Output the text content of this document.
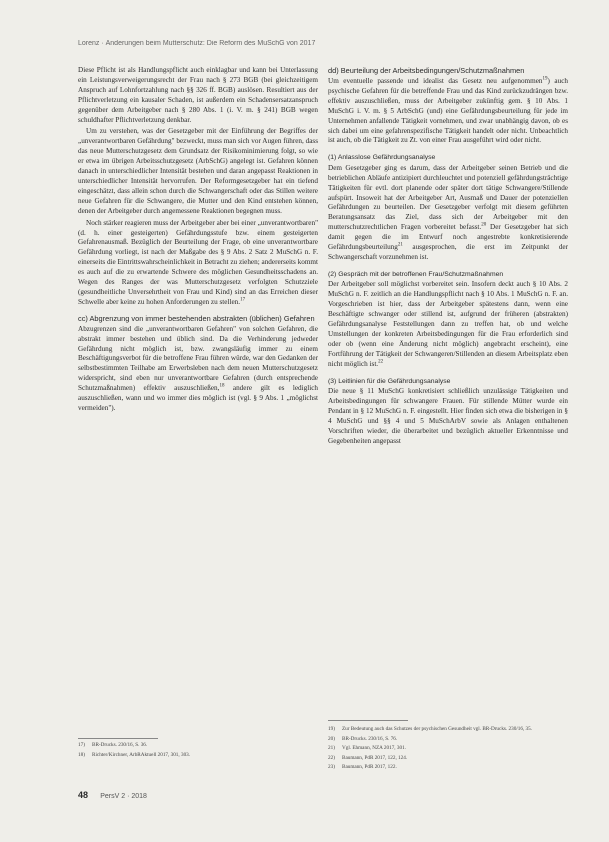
Lorenz · Änderungen beim Mutterschutz: Die Reform des MuSchG von 2017

Diese Pflicht ist als Handlungspflicht auch einklagbar und kann bei Unterlassung ein Leistungsverweigerungsrecht der Frau nach § 273 BGB (bei gleichzeitigem Anspruch auf Lohnfortzahlung nach §§ 326 ff. BGB) auslösen. Resultiert aus der Pflichtverletzung ein kausaler Schaden, ist außerdem ein Schadensersatzanspruch gegenüber dem Arbeitgeber nach § 280 Abs. 1 (i. V. m. § 241) BGB wegen schuldhafter Pflichtverletzung denkbar.

Um zu verstehen, was der Gesetzgeber mit der Einführung der Begriffes der „unverantwortbaren Gefährdung" bezweckt, muss man sich vor Augen führen, dass das neue Mutterschutzgesetz dem Grundsatz der Risikominimierung folgt, so wie er etwa im übrigen Arbeitsschutzgesetz (ArbSchG) angelegt ist. Gefahren können danach in unterschiedlicher Intensität bestehen und daran angepasst Reaktionen in unterschiedlicher Intensität hervorrufen. Der Reformgesetzgeber hat ein tiefend eingeschätzt, dass allein schon durch die Schwangerschaft oder das Stillen weitere neue Gefahren für die Schwangere, die Mutter und den Kind entstehen können, denen der Arbeitgeber durch angemessene Reaktionen begegnen muss.

Noch stärker reagieren muss der Arbeitgeber aber bei einer „unverantwortbaren" (d. h. einer gesteigerten) Gefährdungsstufe bzw. einem gesteigerten Gefahrenausmaß. Bezüglich der Beurteilung der Frage, ob eine unverantwortbare Gefährdung vorliegt, ist nach der Maßgabe des § 9 Abs. 2 Satz 2 MuSchG n. F. einerseits die Eintrittswahrscheinlichkeit in Betracht zu ziehen; andererseits kommt es auch auf die zu erwartende Schwere des möglichen Gesundheitsschadens an. Wegen des Ranges der was Mutterschutzgesetz verfolgten Schutzziele (gesundheitliche Unversehrtheit von Frau und Kind) sind an das Erreichen dieser Schwelle aber keine zu hohen Anforderungen zu stellen.$^{17}$

cc) Abgrenzung von immer bestehenden abstrakten (üblichen) Gefahren

Abzugrenzen sind die „unverantwortbaren Gefahren" von solchen Gefahren, die abstrakt immer bestehen und üblich sind. Da die Verhinderung jedweder Gefährdung nicht möglich ist, bzw. zwangsläufig immer zu einem Beschäftigungsverbot für die betroffene Frau führen würde, war den Gedanken der selbstbestimmten Teilhabe am Erwerbsleben nach dem neuen Mutterschutzgesetz widerspricht, sind eben nur unverantwortbare Gefahren (durch entsprechende Schutzmaßnahmen) effektiv auszuschließen,$^{18}$ andere gilt es lediglich auszuschließen, wann und wo immer dies möglich ist (vgl. § 9 Abs. 1 „möglichst vermeiden").

dd) Beurteilung der Arbeitsbedingungen/Schutzmaßnahmen

Um eventuelle passende und idealist das Gesetz neu aufgenommen$^{19}$) auch psychische Gefahren für die betreffende Frau und das Kind zurückzudrängen bzw. effektiv auszuschließen, muss der Arbeitgeber zukünftig gem. § 10 Abs. 1 MuSchG i. V. m. § 5 ArbSchG (und) eine Gefährdungsbeurteilung für jede im Unternehmen anfallende Tätigkeit vornehmen, und zwar unabhängig davon, ob es sich dabei um eine gefahrenspezifische Tätigkeit handelt oder nicht. Unbeachtlich ist auch, ob die Tätigkeit zu Zt. von einer Frau ausgeführt wird oder nicht.

(1) Anlasslose Gefährdungsanalyse

Dem Gesetzgeber ging es darum, dass der Arbeitgeber seinen Betrieb und die betrieblichen Abläufe antizipiert durchleuchtet und potenziell gefährdungsträchtige Tätigkeiten für evtl. dort planende oder später dort tätige Schwangere/Stillende aufspürt. Insoweit hat der Arbeitgeber Art, Ausmaß und Dauer der potenziellen Gefährdungen zu beurteilen. Der Gesetzgeber verfolgt mit diesem geführten Beratungsansatz das Ziel, dass sich der Arbeitgeber mit den mutterschutzrechtlichen Fragen vorbereitet befasst.$^{20}$ Der Gesetzgeber hat sich damit gegen die im Entwurf noch angestrebte konkretisierende Gefährdungsbeurteilung$^{21}$ ausgesprochen, die erst im Zeitpunkt der Schwangerschaft vorzunehmen ist.

(2) Gespräch mit der betroffenen Frau/Schutzmaßnahmen

Der Arbeitgeber soll möglichst vorbereitet sein. Insofern deckt auch § 10 Abs. 2 MuSchG n. F. zeitlich an die Handlungspflicht nach § 10 Abs. 1 MuSchG n. F. an. Vorgeschrieben ist hier, dass der Arbeitgeber spätestens dann, wenn eine Beschäftigte schwanger oder stillend ist, aufgrund der früheren (abstrakten) Gefährdungsanalyse Feststellungen dann zu treffen hat, ob und welche Umstellungen der konkreten Arbeitsbedingungen für die Frau erforderlich sind oder ob (wenn eine Änderung nicht möglich) angebracht erscheint), eine Fortführung der Tätigkeit der Schwangeren/Stillenden an diesem Arbeitsplatz eben nicht möglich ist.$^{22}$

(3) Leitlinien für die Gefährdungsanalyse

Die neue § 11 MuSchG konkretisiert schließlich unzulässige Tätigkeiten und Arbeitsbedingungen für schwangere Frauen. Für stillende Mütter wurde ein Pendant in § 12 MuSchG n. F. eingestellt. Hier finden sich etwa die bisherigen in § 4 MuSchG und §§ 4 und 5 MuSchArbV sowie als Anlagen enthaltenen Vorschriften wieder, die überarbeitet und bezüglich aktueller Erkenntnisse und Gegebenheiten angepasst

17) BR-Drucks. 230/16, S. 36.
18) Richter/Kirchner, ArbRAktuell 2017, 301, 303.
19) Zur Bedeutung auch das Schutzes der psychischen Gesundheit vgl. BR-Drucks. 230/16, 35.
20) BR-Drucks. 230/16, S. 76.
21) Vgl. Ehmann, NZA 2017, 301.
22) Baumann, PdR 2017, 122, 124.
23) Baumann, PdR 2017, 122.
48 PersV 2 · 2018
